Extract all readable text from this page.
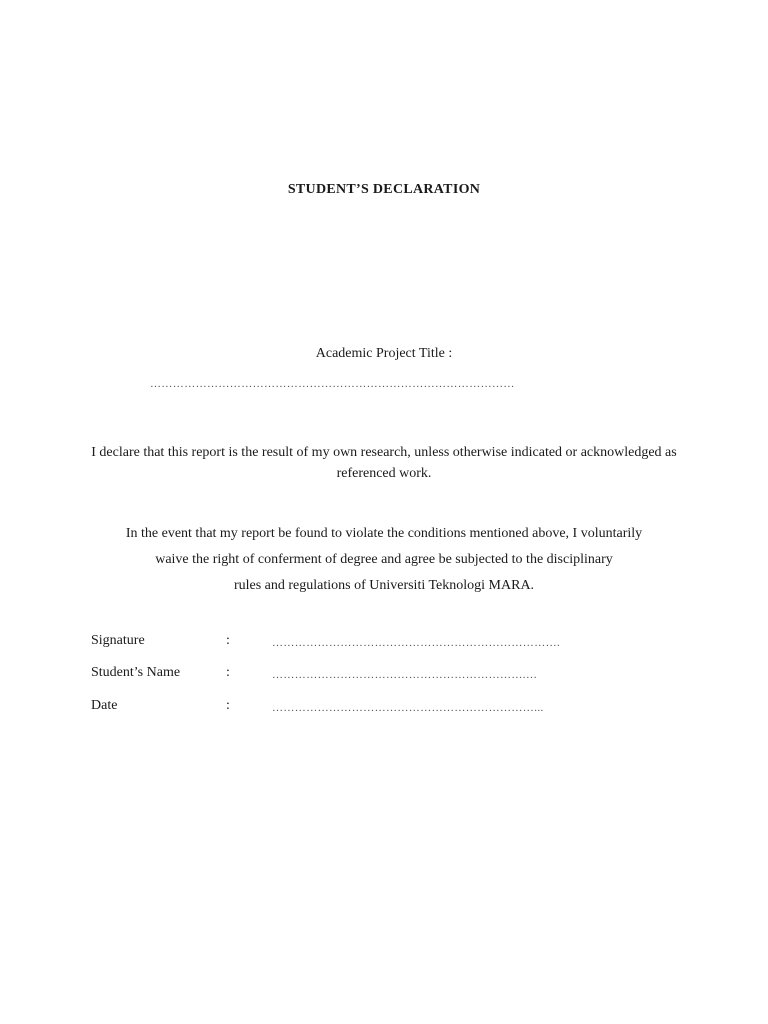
STUDENT’S DECLARATION
Academic Project Title :
……………………………………………………………………………………
I declare that this report is the result of my own research, unless otherwise indicated or acknowledged as referenced work.
In the event that my report be found to violate the conditions mentioned above, I voluntarily
waive the right of conferment of degree and agree be subjected to the disciplinary
rules and regulations of Universiti Teknologi MARA.
Signature	:	………………………………………………………………….
Student’s Name	:	………………………………………………………….…
Date	:	……………………………………………………………...
